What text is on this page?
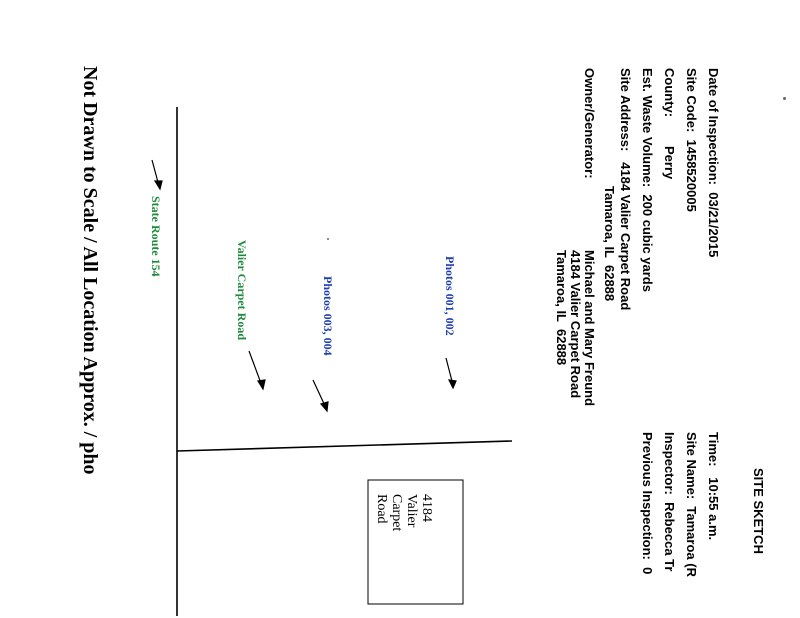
SITE SKETCH
Date of Inspection:  03/21/2015
Site Code:  1458520005
County:        Perry
Est. Waste Volume:  200 cubic yards
Site Address:   4184 Valier Carpet Road
Tamaroa, IL  62888
Owner/Generator:
Michael and Mary Freund
4184 Valier Carpet Road
Tamaroa, IL  62888
Time:   10:55 a.m.
Site Name:  Tamaroa (R
Inspector:  Rebecca Tr
Previous Inspection:  0
4184
Valier
Carpet
Road
Photos 001, 002
Photos 003, 004
Valier Carpet Road
State Route 154
Not Drawn to Scale / All Location Approx. / pho
